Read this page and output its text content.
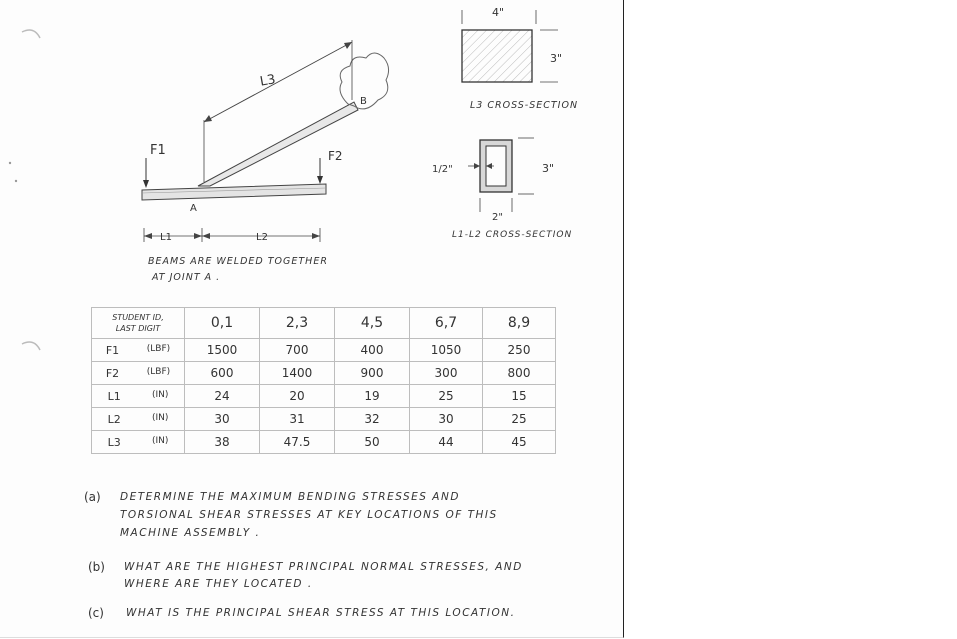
L3
B
F1	F2
A
L1	L2
BEAMS ARE WELDED TOGETHER
AT JOINT A .
4"
3"
L3 CROSS-SECTION
1/2"	3"
2"
L1-L2 CROSS-SECTION
STUDENT ID,
LAST DIGIT	0,1	2,3	4,5	6,7	8,9

F1 (LBF)	1500	700	400	1050	250

F2 (LBF)	600	1400	900	300	800

L1 (IN)	24	20	19	25	15

L2 (IN)	30	31	32	30	25

L3 (IN)	38	47.5	50	44	45
(a) DETERMINE THE MAXIMUM BENDING STRESSES AND
TORSIONAL SHEAR STRESSES AT KEY LOCATIONS OF THIS
MACHINE ASSEMBLY .
(b) WHAT ARE THE HIGHEST PRINCIPAL NORMAL STRESSES, AND
WHERE ARE THEY LOCATED .
(c) WHAT IS THE PRINCIPAL SHEAR STRESS AT THIS LOCATION.
